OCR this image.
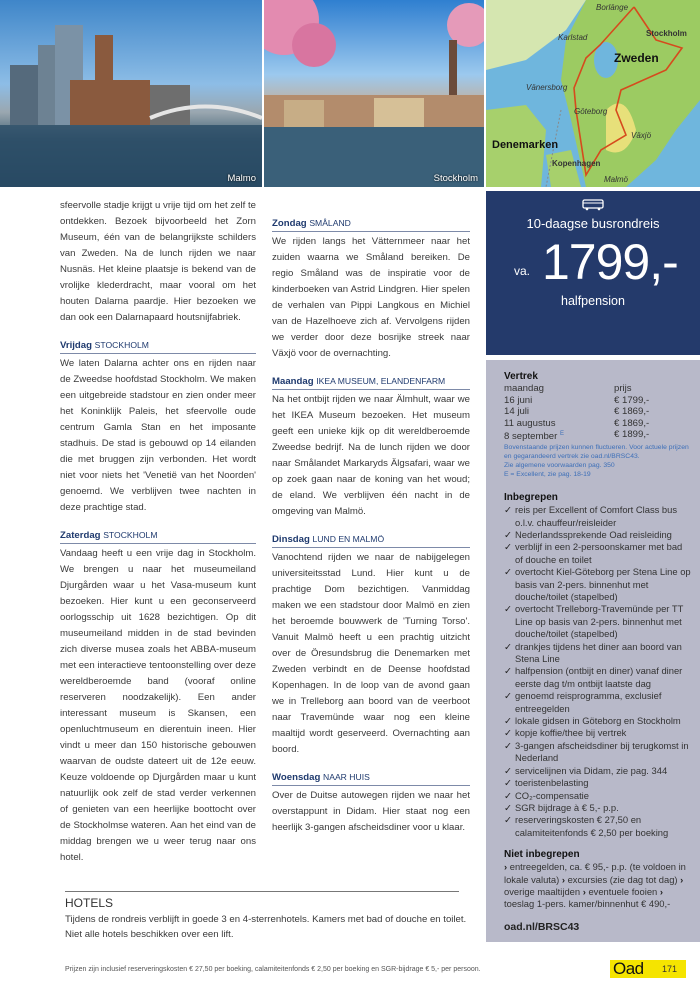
Malmo	Stockholm
Borlänge
Karlstad	Stockholm
Vänersborg
Göteborg
Växjö
Kopenhagen
Malmö
Zweden
Denemarken

sfeervolle stadje krijgt u vrije tijd om het zelf te ontdekken. Bezoek bijvoorbeeld het Zorn Museum, één van de belangrijkste schilders van Zweden. Na de lunch rijden we naar Nusnäs. Het kleine plaatsje is bekend van de vrolijke klederdracht, maar vooral om het houten Dalarna paardje. Hier bezoeken we dan ook een Dalarnapaard houtsnijfabriek.

Vrijdag STOCKHOLM

We laten Dalarna achter ons en rijden naar de Zweedse hoofdstad Stockholm. We maken een uitgebreide stadstour en zien onder meer het Koninklijk Paleis, het sfeervolle oude centrum Gamla Stan en het imposante stadhuis. De stad is gebouwd op 14 eilanden die met bruggen zijn verbonden. Het wordt niet voor niets het 'Venetië van het Noorden' genoemd. We verblijven twee nachten in deze prachtige stad.

Zaterdag STOCKHOLM

Vandaag heeft u een vrije dag in Stockholm. We brengen u naar het museumeiland Djurgården waar u het Vasa-museum kunt bezoeken. Hier kunt u een geconserveerd oorlogsschip uit 1628 bezichtigen. Op dit museumeiland midden in de stad bevinden zich diverse musea zoals het ABBA-museum met een interactieve tentoonstelling over deze wereldberoemde band (vooraf online reserveren noodzakelijk). Een ander interessant museum is Skansen, een openluchtmuseum en dierentuin ineen. Hier vindt u meer dan 150 historische gebouwen waarvan de oudste dateert uit de 12e eeuw. Keuze voldoende op Djurgården maar u kunt natuurlijk ook zelf de stad verder verkennen of genieten van een heerlijke boottocht over de Stockholmse wateren. Aan het eind van de middag brengen we u weer terug naar ons hotel.

Zondag SMÅLAND

We rijden langs het Vätternmeer naar het zuiden waarna we Småland bereiken. De regio Småland was de inspiratie voor de kinderboeken van Astrid Lindgren. Hier spelen de verhalen van Pippi Langkous en Michiel van de Hazelhoeve zich af. Vervolgens rijden we verder door deze bosrijke streek naar Växjö voor de overnachting.

Maandag IKEA MUSEUM, ELANDENFARM

Na het ontbijt rijden we naar Älmhult, waar we het IKEA Museum bezoeken. Het museum geeft een unieke kijk op dit wereldberoemde Zweedse bedrijf. Na de lunch rijden we door naar Smålandet Markaryds Älgsafari, waar we op zoek gaan naar de koning van het woud; de eland. We verblijven één nacht in de omgeving van Malmö.

Dinsdag LUND EN MALMÖ

Vanochtend rijden we naar de nabijgelegen universiteitsstad Lund. Hier kunt u de prachtige Dom bezichtigen. Vanmiddag maken we een stadstour door Malmö en zien het beroemde bouwwerk de 'Turning Torso'. Vanuit Malmö heeft u een prachtig uitzicht over de Öresundsbrug die Denemarken met Zweden verbindt en de Deense hoofdstad Kopenhagen. In de loop van de avond gaan we in Trelleborg aan boord van de veerboot naar Travemünde waar nog een kleine maaltijd wordt geserveerd. Overnachting aan boord.

Woensdag NAAR HUIS

Over de Duitse autowegen rijden we naar het overstappunt in Didam. Hier staat nog een heerlijk 3-gangen afscheidsdiner voor u klaar.

10-daagse busrondreis
va. 1799,-
halfpension
Vertrek
maandag	prijs
16 juni	€ 1799,-
14 juli	€ 1869,-
11 augustus	€ 1869,-
8 september $^E$	€ 1899,-
Bovenstaande prijzen kunnen fluctueren. Voor actuele prijzen en gegarandeerd vertrek zie oad.nl/BRSC43.
Zie algemene voorwaarden pag. 350
E = Excellent, zie pag. 18-19
Inbegrepen
✓ reis per Excellent of Comfort Class bus o.l.v. chauffeur/reisleider
✓ Nederlandssprekende Oad reisleiding
✓ verblijf in een 2-persoonskamer met bad of douche en toilet
✓ overtocht Kiel-Göteborg per Stena Line op basis van 2-pers. binnenhut met douche/toilet (stapelbed)
✓ overtocht Trelleborg-Travemünde per TT Line op basis van 2-pers. binnenhut met douche/toilet (stapelbed)
✓ drankjes tijdens het diner aan boord van Stena Line
✓ halfpension (ontbijt en diner) vanaf diner eerste dag t/m ontbijt laatste dag
✓ genoemd reisprogramma, exclusief entreegelden
✓ lokale gidsen in Göteborg en Stockholm
✓ kopje koffie/thee bij vertrek
✓ 3-gangen afscheidsdiner bij terugkomst in Nederland
✓ servicelijnen via Didam, zie pag. 344
✓ toeristenbelasting
✓ CO₂-compensatie
✓ SGR bijdrage à € 5,- p.p.
✓ reserveringskosten € 27,50 en calamiteitenfonds € 2,50 per boeking
Niet inbegrepen
› entreegelden, ca. € 95,- p.p. (te voldoen in lokale valuta) › excursies (zie dag tot dag) › overige maaltijden › eventuele fooien › toeslag 1-pers. kamer/binnenhut € 490,-
oad.nl/BRSC43
HOTELS
Tijdens de rondreis verblijft in goede 3 en 4-sterrenhotels. Kamers met bad of douche en toilet. Niet alle hotels beschikken over een lift.
Prijzen zijn inclusief reserveringskosten € 27,50 per boeking, calamiteitenfonds € 2,50 per boeking en SGR-bijdrage € 5,- per persoon.	Oad 171
